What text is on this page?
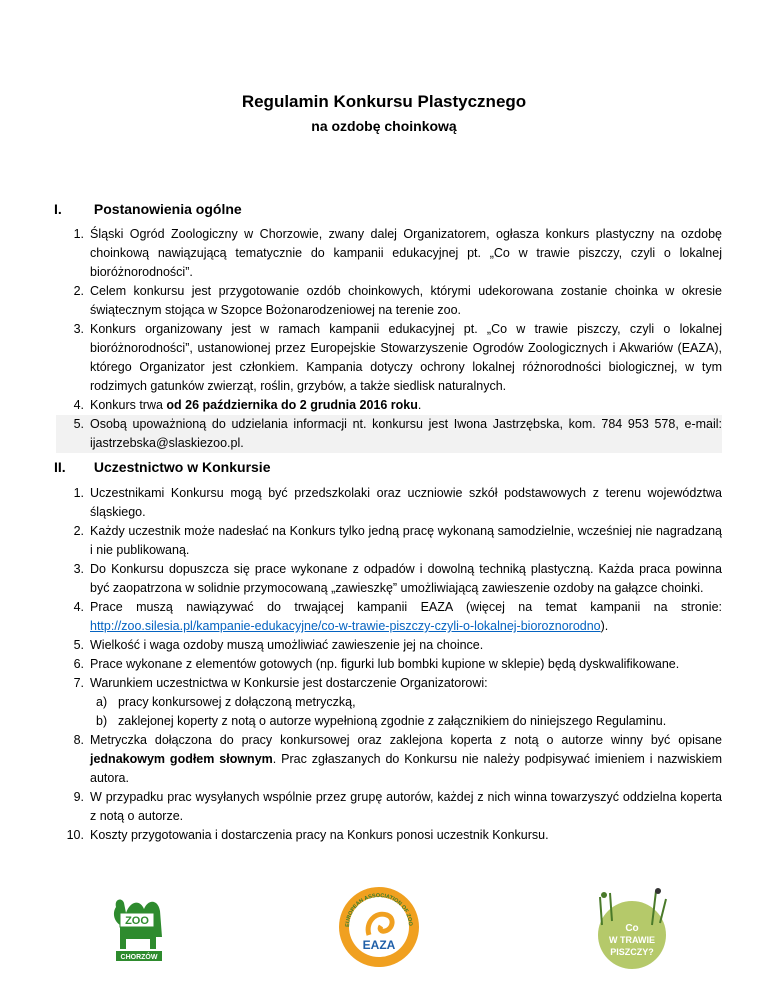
Regulamin Konkursu Plastycznego
na ozdobę choinkową
I. Postanowienia ogólne
1. Śląski Ogród Zoologiczny w Chorzowie, zwany dalej Organizatorem, ogłasza konkurs plastyczny na ozdobę choinkową nawiązującą tematycznie do kampanii edukacyjnej pt. „Co w trawie piszczy, czyli o lokalnej bioróżnorodności”.
2. Celem konkursu jest przygotowanie ozdób choinkowych, którymi udekorowana zostanie choinka w okresie świątecznym stojąca w Szopce Bożonarodzeniowej na terenie zoo.
3. Konkurs organizowany jest w ramach kampanii edukacyjnej pt. „Co w trawie piszczy, czyli o lokalnej bioróżnorodności”, ustanowionej przez Europejskie Stowarzyszenie Ogrodów Zoologicznych i Akwariów (EAZA), którego Organizator jest członkiem. Kampania dotyczy ochrony lokalnej różnorodności biologicznej, w tym rodzimych gatunków zwierząt, roślin, grzybów, a także siedlisk naturalnych.
4. Konkurs trwa od 26 października do 2 grudnia 2016 roku.
5. Osobą upoważnioną do udzielania informacji nt. konkursu jest Iwona Jastrzębska, kom. 784 953 578, e-mail: ijastrzebska@slaskiezoo.pl.
II. Uczestnictwo w Konkursie
1. Uczestnikami Konkursu mogą być przedszkolaki oraz uczniowie szkół podstawowych z terenu województwa śląskiego.
2. Każdy uczestnik może nadesłać na Konkurs tylko jedną pracę wykonaną samodzielnie, wcześniej nie nagradzaną i nie publikowaną.
3. Do Konkursu dopuszcza się prace wykonane z odpadów i dowolną techniką plastyczną. Każda praca powinna być zaopatrzona w solidnie przymocowaną „zawieszkę” umożliwiającą zawieszenie ozdoby na gałązce choinki.
4. Prace muszą nawiązywać do trwającej kampanii EAZA (więcej na temat kampanii na stronie: http://zoo.silesia.pl/kampanie-edukacyjne/co-w-trawie-piszczy-czyli-o-lokalnej-bioroznorodno).
5. Wielkość i waga ozdoby muszą umożliwiać zawieszenie jej na choince.
6. Prace wykonane z elementów gotowych (np. figurki lub bombki kupione w sklepie) będą dyskwalifikowane.
7. Warunkiem uczestnictwa w Konkursie jest dostarczenie Organizatorowi:
a) pracy konkursowej z dołączoną metryczką,
b) zaklejonej koperty z notą o autorze wypełnioną zgodnie z załącznikiem do niniejszego Regulaminu.
8. Metryczka dołączona do pracy konkursowej oraz zaklejona koperta z notą o autorze winny być opisane jednakowym godłem słownym. Prac zgłaszanych do Konkursu nie należy podpisywać imieniem i nazwiskiem autora.
9. W przypadku prac wysyłanych wspólnie przez grupę autorów, każdej z nich winna towarzyszyć oddzielna koperta z notą o autorze.
10. Koszty przygotowania i dostarczenia pracy na Konkurs ponosi uczestnik Konkursu.
ZOO
CHORZÓW
EUROPEAN ASSOCIATION OF ZOO
EAZA
Co
W TRAWIE
PISZCZY?
